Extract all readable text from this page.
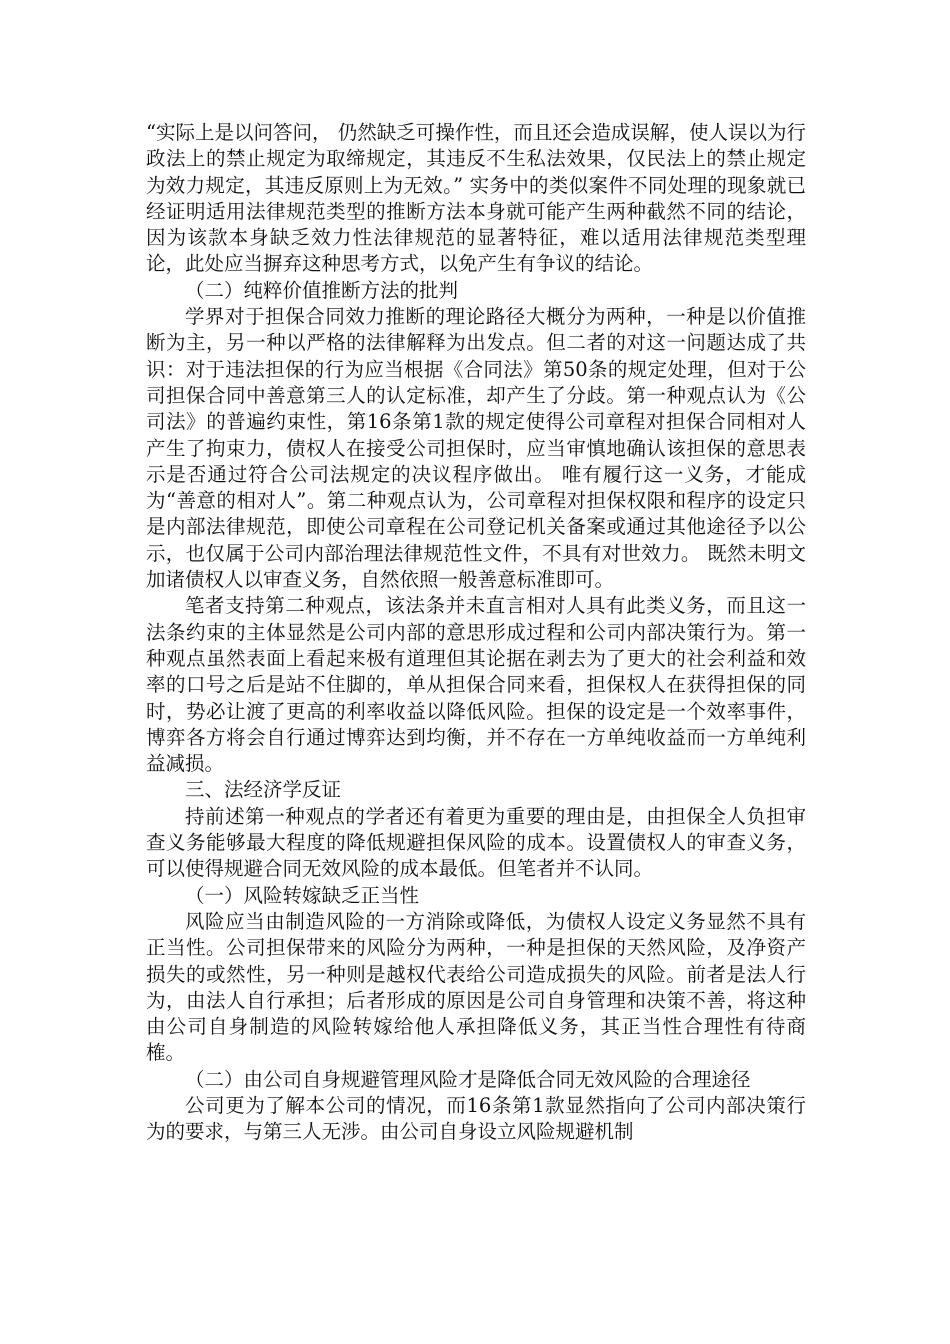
“实际上是以问答问， 仍然缺乏可操作性，而且还会造成误解，使人误以为行政法上的禁止规定为取缔规定，其违反不生私法效果，仅民法上的禁止规定为效力规定，其违反原则上为无效。” 实务中的类似案件不同处理的现象就已经证明适用法律规范类型的推断方法本身就可能产生两种截然不同的结论，因为该款本身缺乏效力性法律规范的显著特征，难以适用法律规范类型理论，此处应当摒弃这种思考方式，以免产生有争议的结论。

（二）纯粹价值推断方法的批判

学界对于担保合同效力推断的理论路径大概分为两种，一种是以价值推断为主，另一种以严格的法律解释为出发点。但二者的对这一问题达成了共识：对于违法担保的行为应当根据《合同法》第50条的规定处理，但对于公司担保合同中善意第三人的认定标准，却产生了分歧。第一种观点认为《公司法》的普遍约束性，第16条第1款的规定使得公司章程对担保合同相对人产生了拘束力，债权人在接受公司担保时，应当审慎地确认该担保的意思表示是否通过符合公司法规定的决议程序做出。 唯有履行这一义务，才能成为“善意的相对人”。第二种观点认为，公司章程对担保权限和程序的设定只是内部法律规范，即使公司章程在公司登记机关备案或通过其他途径予以公示，也仅属于公司内部治理法律规范性文件，不具有对世效力。 既然未明文加诸债权人以审查义务，自然依照一般善意标准即可。

笔者支持第二种观点，该法条并未直言相对人具有此类义务，而且这一法条约束的主体显然是公司内部的意思形成过程和公司内部决策行为。第一种观点虽然表面上看起来极有道理但其论据在剥去为了更大的社会利益和效率的口号之后是站不住脚的，单从担保合同来看，担保权人在获得担保的同时，势必让渡了更高的利率收益以降低风险。担保的设定是一个效率事件，博弈各方将会自行通过博弈达到均衡，并不存在一方单纯收益而一方单纯利益减损。

三、法经济学反证

持前述第一种观点的学者还有着更为重要的理由是，由担保全人负担审查义务能够最大程度的降低规避担保风险的成本。设置债权人的审查义务，可以使得规避合同无效风险的成本最低。但笔者并不认同。

（一）风险转嫁缺乏正当性

风险应当由制造风险的一方消除或降低，为债权人设定义务显然不具有正当性。公司担保带来的风险分为两种，一种是担保的天然风险，及净资产损失的或然性，另一种则是越权代表给公司造成损失的风险。前者是法人行为，由法人自行承担；后者形成的原因是公司自身管理和决策不善，将这种由公司自身制造的风险转嫁给他人承担降低义务，其正当性合理性有待商榷。

（二）由公司自身规避管理风险才是降低合同无效风险的合理途径

公司更为了解本公司的情况，而16条第1款显然指向了公司内部决策行为的要求，与第三人无涉。由公司自身设立风险规避机制
